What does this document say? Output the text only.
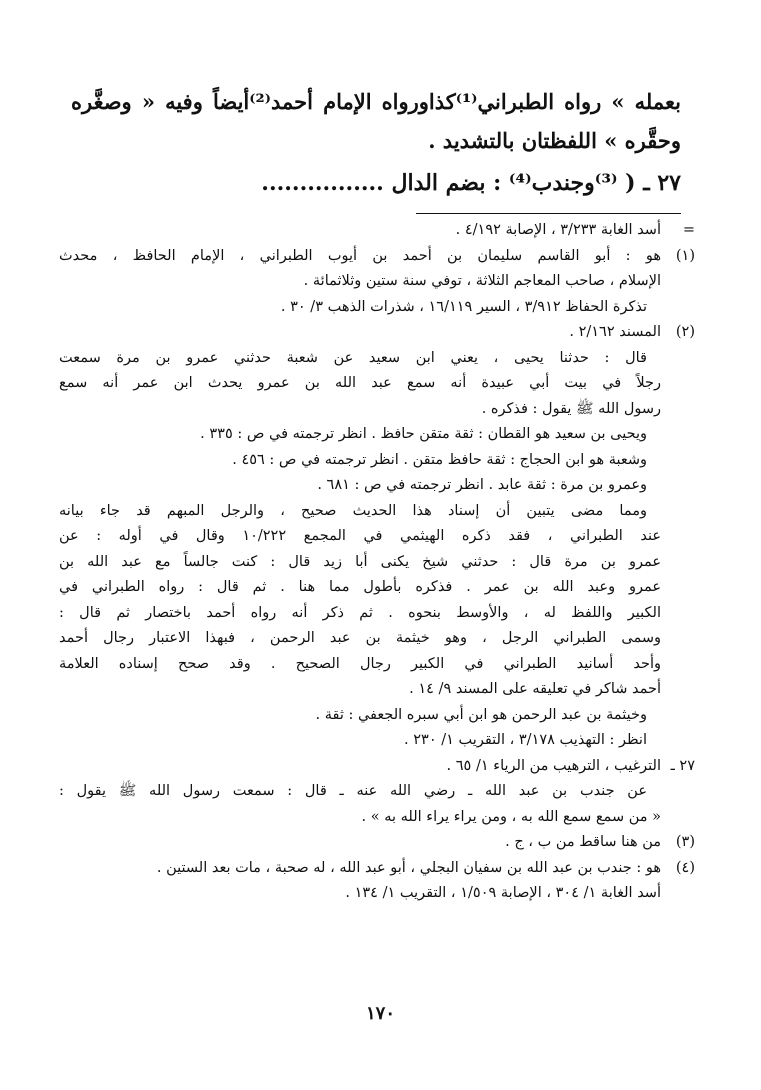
بعمله » رواه الطبراني⁽¹⁾كذاورواه الإمام أحمد⁽²⁾أيضاً وفيه « وصغَّره
وحقَّره » اللفظتان بالتشديد .
٢٧ ـ ( ⁽³⁾وجندب⁽⁴⁾ : بضم الدال ................
=
أسد الغابة ٣/٢٣٣ ، الإصابة ٤/١٩٢ .
(١)
هو : أبو القاسم سليمان بن أحمد بن أيوب الطبراني ، الإمام الحافظ ، محدث
الإسلام ، صاحب المعاجم الثلاثة ، توفي سنة ستين وثلاثمائة .
تذكرة الحفاظ ٣/٩١٢ ، السير ١٦/١١٩ ، شذرات الذهب ٣/ ٣٠ .
(٢)
المسند ٢/١٦٢ .
قال : حدثنا يحيى ، يعني ابن سعيد عن شعبة حدثني عمرو بن مرة سمعت
رجلاً في بيت أبي عبيدة أنه سمع عبد الله بن عمرو يحدث ابن عمر أنه سمع
رسول الله ﷺ يقول : فذكره .
ويحيى بن سعيد هو القطان : ثقة متقن حافظ . انظر ترجمته في ص : ٣٣٥ .
وشعبة هو ابن الحجاج : ثقة حافظ متقن . انظر ترجمته في ص : ٤٥٦ .
وعمرو بن مرة : ثقة عابد . انظر ترجمته في ص : ٦٨١ .
ومما مضى يتبين أن إسناد هذا الحديث صحيح ، والرجل المبهم قد جاء بيانه
عند الطبراني ، فقد ذكره الهيثمي في المجمع ١٠/٢٢٢ وقال في أوله : عن
عمرو بن مرة قال : حدثني شيخ يكنى أبا زيد قال : كنت جالساً مع عبد الله بن
عمرو وعبد الله بن عمر . فذكره بأطول مما هنا . ثم قال : رواه الطبراني في
الكبير واللفظ له ، والأوسط بنحوه . ثم ذكر أنه رواه أحمد باختصار ثم قال :
وسمى الطبراني الرجل ، وهو خيثمة بن عبد الرحمن ، فبهذا الاعتبار رجال أحمد
وأحد أسانيد الطبراني في الكبير رجال الصحيح . وقد صحح إسناده العلامة
أحمد شاكر في تعليقه على المسند ٩/ ١٤ .
وخيثمة بن عبد الرحمن هو ابن أبي سبره الجعفي : ثقة .
انظر : التهذيب ٣/١٧٨ ، التقريب ١/ ٢٣٠ .
٢٧ ـ
الترغيب ، الترهيب من الرياء ١/ ٦٥ .
عن جندب بن عبد الله ـ رضي الله عنه ـ قال : سمعت رسول الله ﷺ يقول :
« من سمع سمع الله به ، ومن يراء يراء الله به » .
(٣)
من هنا ساقط من ب ، ج .
(٤)
هو : جندب بن عبد الله بن سفيان البجلي ، أبو عبد الله ، له صحبة ، مات بعد الستين .
أسد الغابة ١/ ٣٠٤ ، الإصابة ١/٥٠٩ ، التقريب ١/ ١٣٤ .
١٧٠
